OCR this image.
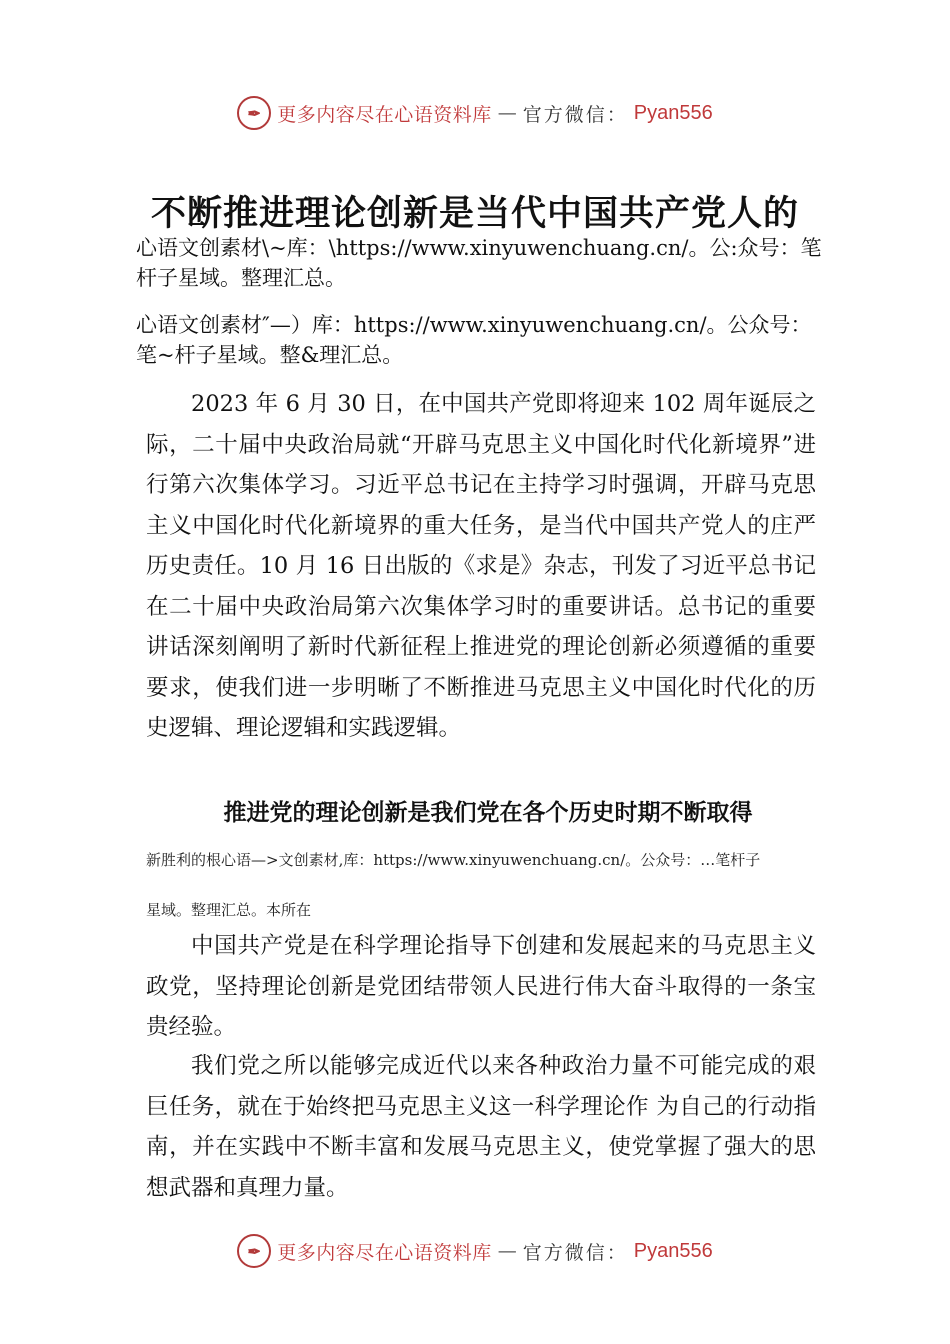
✒ 更多内容尽在心语资料库 — 官方微信： Pyan556
不断推进理论创新是当代中国共产党人的
心语文创素材\~库：\https://www.xinyuwenchuang.cn/。公:众号：笔杆子星域。整理汇总。
心语文创素材″—）库：https://www.xinyuwenchuang.cn/。公众号：笔~杆子星域。整&理汇总。
2023 年 6 月 30 日，在中国共产党即将迎来 102 周年诞辰之际，二十届中央政治局就“开辟马克思主义中国化时代化新境界”进行第六次集体学习。习近平总书记在主持学习时强调，开辟马克思主义中国化时代化新境界的重大任务，是当代中国共产党人的庄严历史责任。10 月 16 日出版的《求是》杂志，刊发了习近平总书记在二十届中央政治局第六次集体学习时的重要讲话。总书记的重要讲话深刻阐明了新时代新征程上推进党的理论创新必须遵循的重要要求，使我们进一步明晰了不断推进马克思主义中国化时代化的历史逻辑、理论逻辑和实践逻辑。
推进党的理论创新是我们党在各个历史时期不断取得
新胜利的根心语—>文创素材,库：https://www.xinyuwenchuang.cn/。公众号：…笔杆子
星域。整理汇总。本所在
中国共产党是在科学理论指导下创建和发展起来的马克思主义政党，坚持理论创新是党团结带领人民进行伟大奋斗取得的一条宝贵经验。
我们党之所以能够完成近代以来各种政治力量不可能完成的艰巨任务，就在于始终把马克思主义这一科学理论作 为自己的行动指南，并在实践中不断丰富和发展马克思主义，使党掌握了强大的思想武器和真理力量。
✒ 更多内容尽在心语资料库 — 官方微信： Pyan556
